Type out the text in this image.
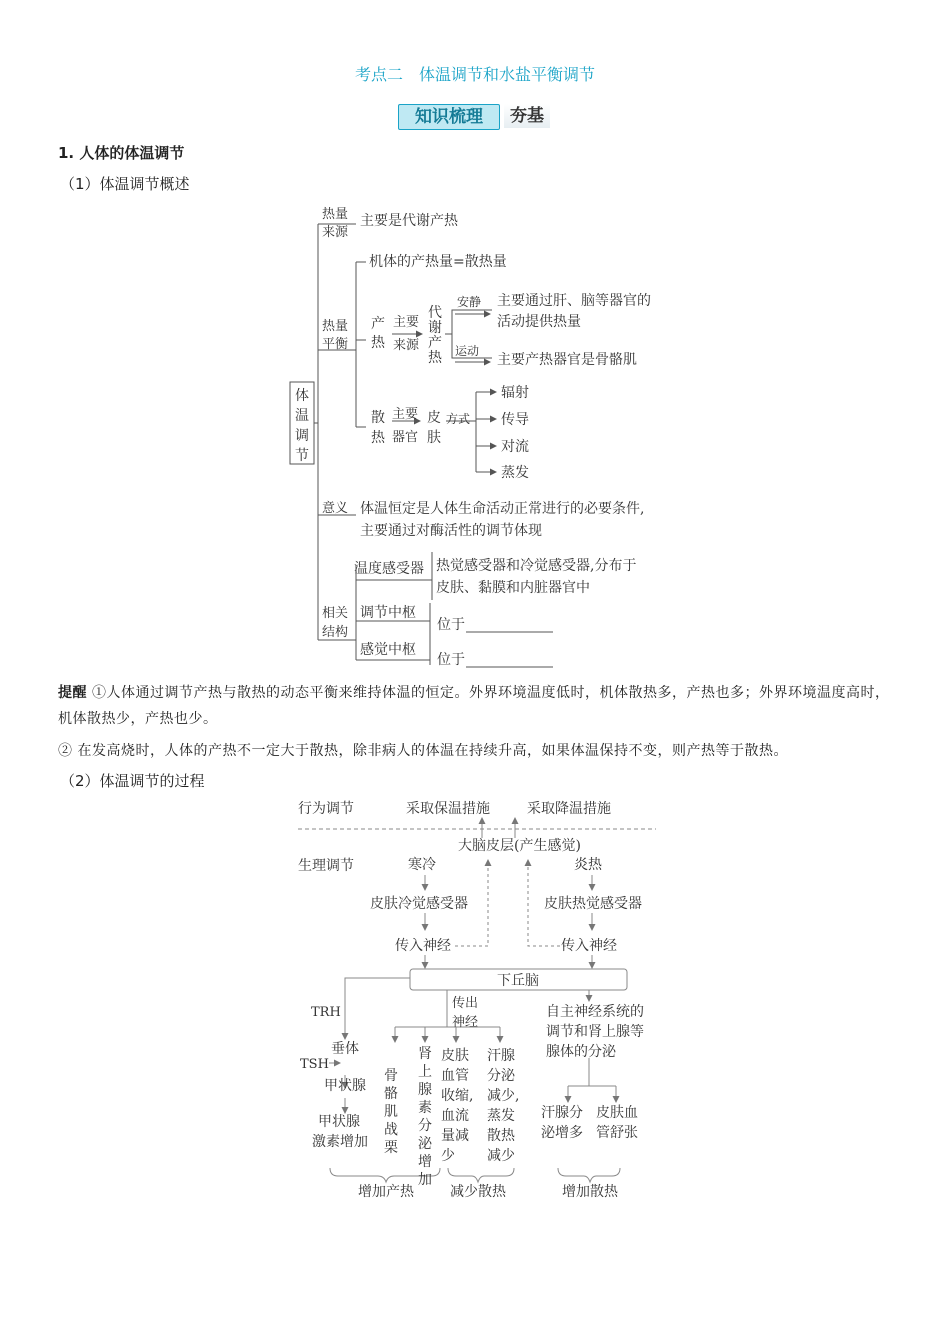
考点二　体温调节和水盐平衡调节
知识梳理	夯基
1. 人体的体温调节
（1）体温调节概述
体
温
调
节
热量
来源
主要是代谢产热
热量
平衡
机体的产热量=散热量
产
热
主要
来源
代
谢
产
热
安静 主要通过肝、脑等器官的
活动提供热量
运动
主要产热器官是骨骼肌
散
热
主要
器官
皮
肤
方式
辐射
传导
对流
蒸发
意义 体温恒定是人体生命活动正常进行的必要条件,
主要通过对酶活性的调节体现
相关
结构
温度感受器 热觉感受器和冷觉感受器,分布于
皮肤、黏膜和内脏器官中
调节中枢
位于
感觉中枢
位于
提醒 ①人体通过调节产热与散热的动态平衡来维持体温的恒定。外界环境温度低时，机体散热多，产热也多；外界环境温度高时，机体散热少，产热也少。
② 在发高烧时，人体的产热不一定大于散热，除非病人的体温在持续升高，如果体温保持不变，则产热等于散热。
（2）体温调节的过程
行为调节	采取保温措施	采取降温措施
大脑皮层(产生感觉)
生理调节	寒冷	炎热
皮肤冷觉感受器	皮肤热觉感受器
传入神经	传入神经
下丘脑
TRH
垂体
TSH
甲状腺
甲状腺
激素增加
传出
神经
骨
骼
肌
战
栗
肾
上
腺
素
分
泌
增
加
皮肤
血管
收缩,
血流
量减
少
汗腺
分泌
减少,
蒸发
散热
减少
自主神经系统的
调节和肾上腺等
腺体的分泌
汗腺分
泌增多
皮肤血
管舒张
增加产热	减少散热	增加散热
